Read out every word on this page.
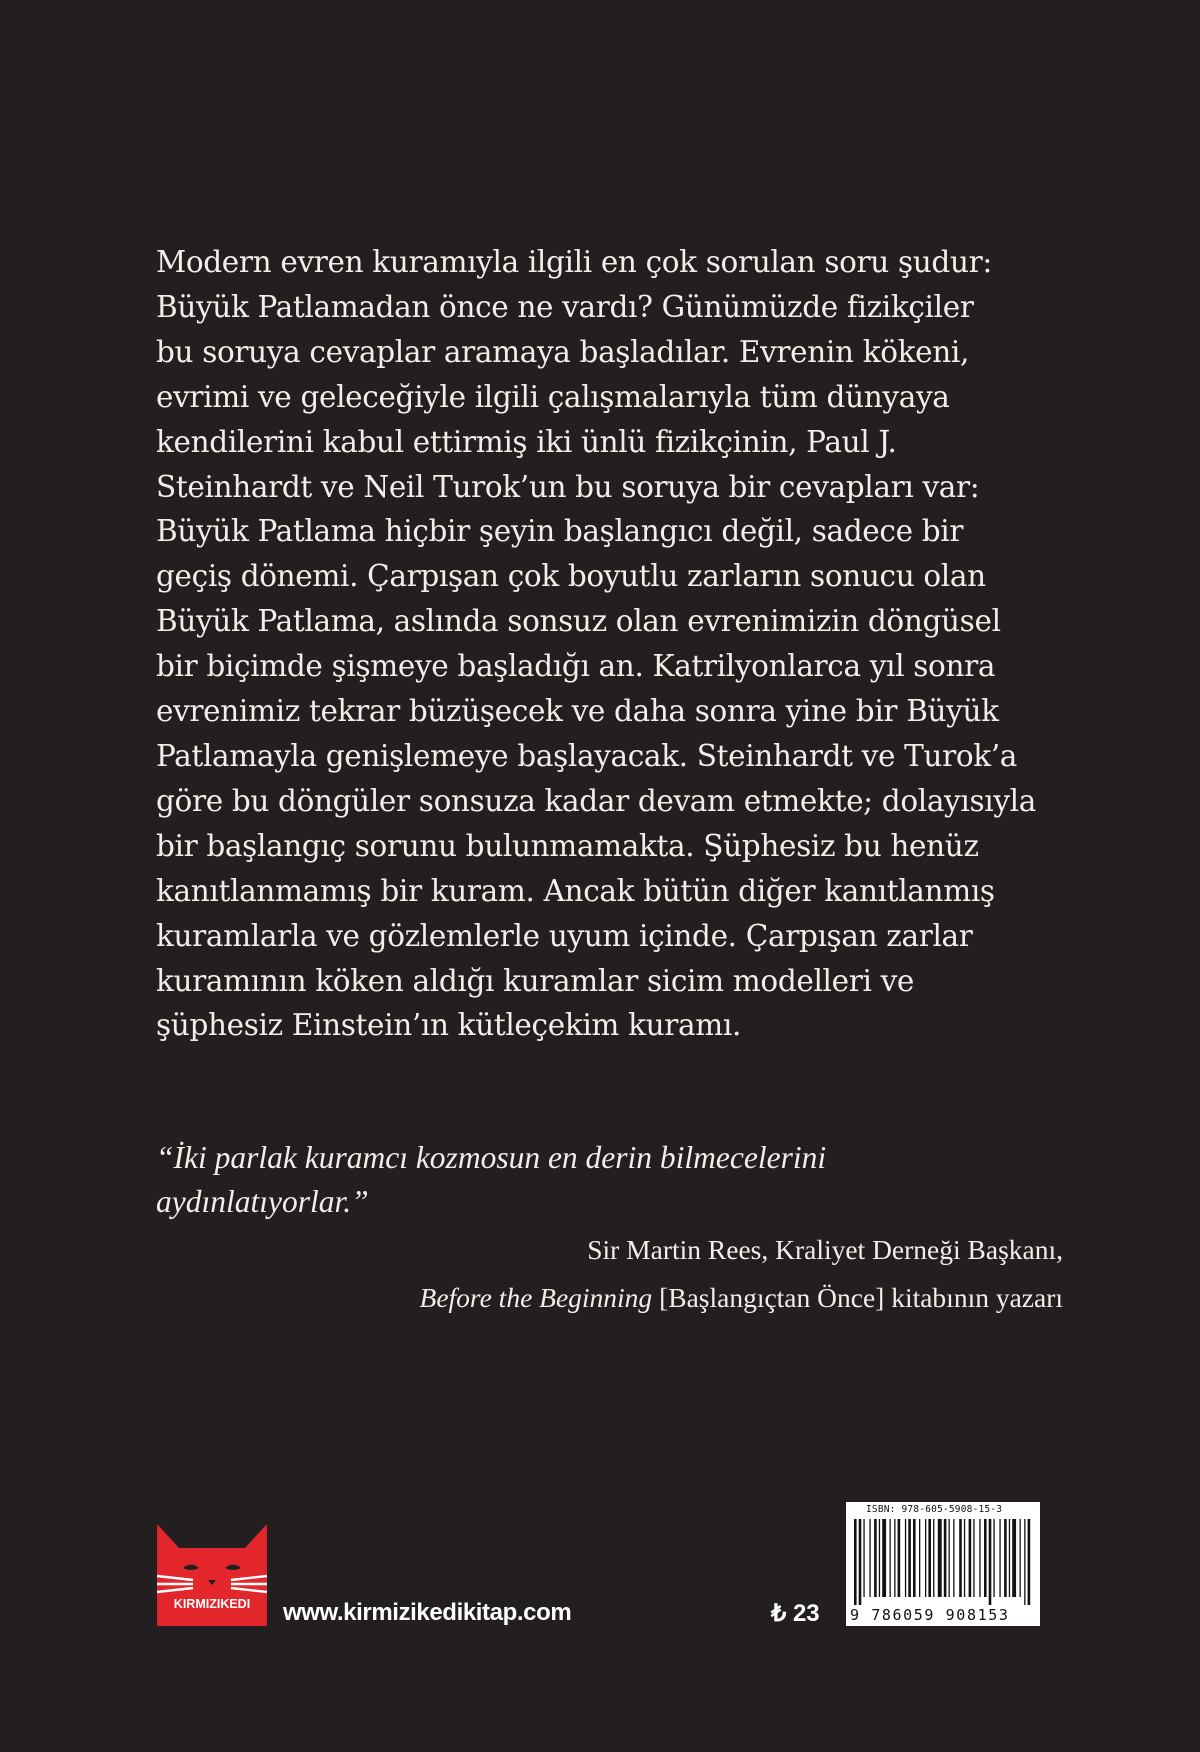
Modern evren kuramıyla ilgili en çok sorulan soru şudur:
Büyük Patlamadan önce ne vardı? Günümüzde fizikçiler
bu soruya cevaplar aramaya başladılar. Evrenin kökeni,
evrimi ve geleceğiyle ilgili çalışmalarıyla tüm dünyaya
kendilerini kabul ettirmiş iki ünlü fizikçinin, Paul J.
Steinhardt ve Neil Turok’un bu soruya bir cevapları var:
Büyük Patlama hiçbir şeyin başlangıcı değil, sadece bir
geçiş dönemi. Çarpışan çok boyutlu zarların sonucu olan
Büyük Patlama, aslında sonsuz olan evrenimizin döngüsel
bir biçimde şişmeye başladığı an. Katrilyonlarca yıl sonra
evrenimiz tekrar büzüşecek ve daha sonra yine bir Büyük
Patlamayla genişlemeye başlayacak. Steinhardt ve Turok’a
göre bu döngüler sonsuza kadar devam etmekte; dolayısıyla
bir başlangıç sorunu bulunmamakta. Şüphesiz bu henüz
kanıtlanmamış bir kuram. Ancak bütün diğer kanıtlanmış
kuramlarla ve gözlemlerle uyum içinde. Çarpışan zarlar
kuramının köken aldığı kuramlar sicim modelleri ve
şüphesiz Einstein’ın kütleçekim kuramı.
“İki parlak kuramcı kozmosun en derin bilmecelerini
aydınlatıyorlar.”
Sir Martin Rees, Kraliyet Derneği Başkanı,
Before the Beginning [Başlangıçtan Önce] kitabının yazarı
KIRMIZIKEDI www.kirmizikedikitap.com	₺ 23
ISBN: 978-605-5908-15-3
9 786059 908153
